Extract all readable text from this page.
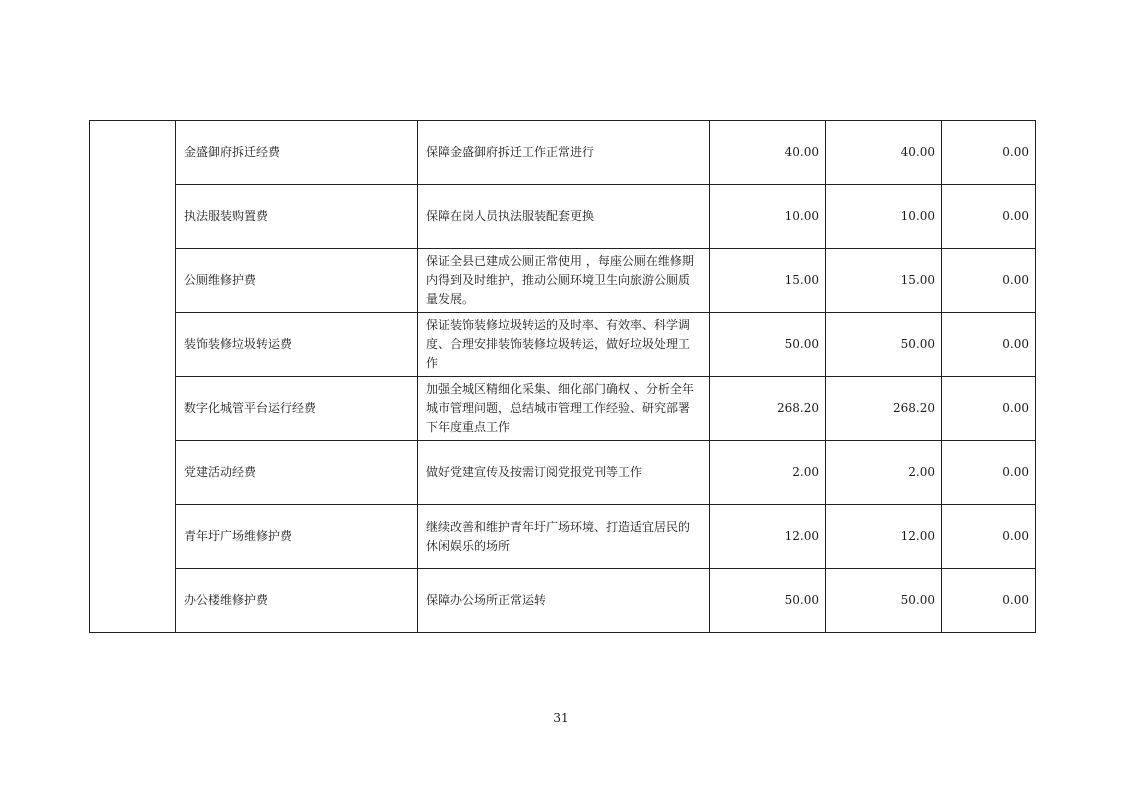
	金盛御府拆迁经费	保障金盛御府拆迁工作正常进行	40.00	40.00	0.00
	执法服装购置费	保障在岗人员执法服装配套更换	10.00	10.00	0.00
	公厕维修护费	保证全县已建成公厕正常使用 ，每座公厕在维修期内得到及时维护，推动公厕环境卫生向旅游公厕质量发展。	15.00	15.00	0.00
	装饰装修垃圾转运费	保证装饰装修垃圾转运的及时率、有效率、科学调度、合理安排装饰装修垃圾转运，做好垃圾处理工作	50.00	50.00	0.00
	数字化城管平台运行经费	加强全城区精细化采集、细化部门确权 、分析全年城市管理问题，总结城市管理工作经验、研究部署下年度重点工作	268.20	268.20	0.00
	党建活动经费	做好党建宣传及按需订阅党报党刊等工作	2.00	2.00	0.00
	青年圩广场维修护费	继续改善和维护青年圩广场环境、打造适宜居民的休闲娱乐的场所	12.00	12.00	0.00
	办公楼维修护费	保障办公场所正常运转	50.00	50.00	0.00
31
